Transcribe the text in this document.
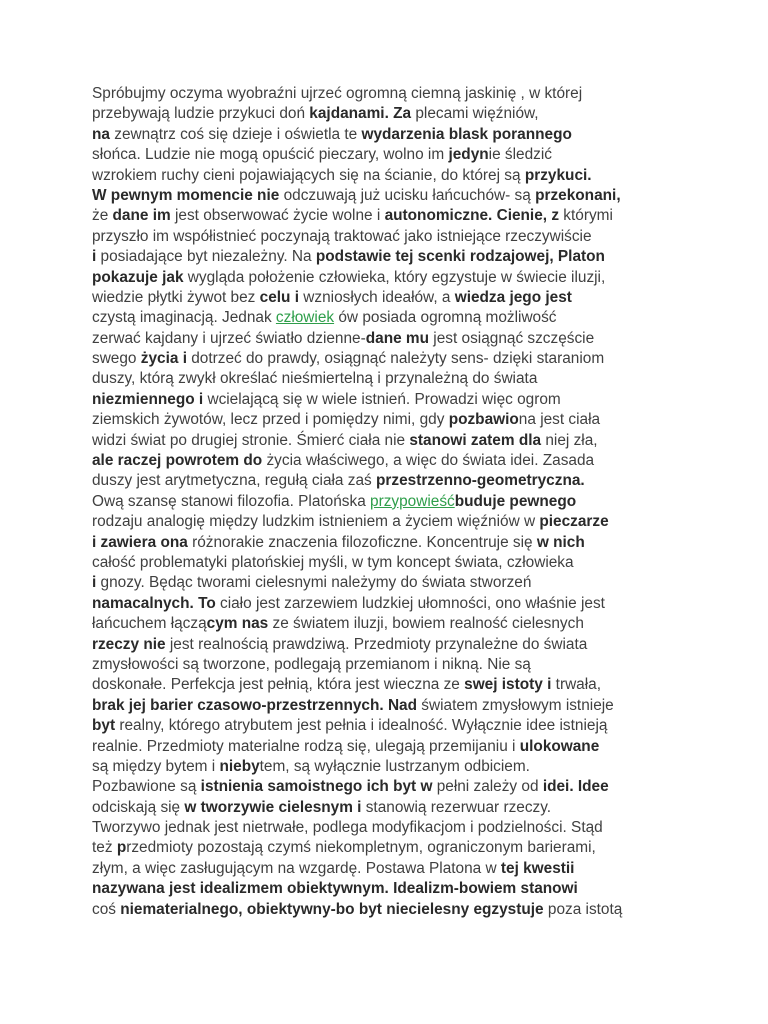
Spróbujmy oczyma wyobraźni ujrzeć ogromną ciemną jaskinię , w której
przebywają ludzie przykuci doń kajdanami. Za plecami więźniów,
na zewnątrz coś się dzieje i oświetla te wydarzenia blask porannego
słońca. Ludzie nie mogą opuścić pieczary, wolno im jedynie śledzić
wzrokiem ruchy cieni pojawiających się na ścianie, do której są przykuci.
W pewnym momencie nie odczuwają już ucisku łańcuchów- są przekonani,
że dane im jest obserwować życie wolne i autonomiczne. Cienie, z którymi
przyszło im współistnieć poczynają traktować jako istniejące rzeczywiście
i posiadające byt niezależny. Na podstawie tej scenki rodzajowej, Platon
pokazuje jak wygląda położenie człowieka, który egzystuje w świecie iluzji,
wiedzie płytki żywot bez celu i wzniosłych ideałów, a wiedza jego jest
czystą imaginacją. Jednak człowiek ów posiada ogromną możliwość
zerwać kajdany i ujrzeć światło dzienne-dane mu jest osiągnąć szczęście
swego życia i dotrzeć do prawdy, osiągnąć należyty sens- dzięki staraniom
duszy, którą zwykł określać nieśmiertelną i przynależną do świata
niezmiennego i wcielającą się w wiele istnień. Prowadzi więc ogrom
ziemskich żywotów, lecz przed i pomiędzy nimi, gdy pozbawiona jest ciała
widzi świat po drugiej stronie. Śmierć ciała nie stanowi zatem dla niej zła,
ale raczej powrotem do życia właściwego, a więc do świata idei. Zasada
duszy jest arytmetyczna, regułą ciała zaś przestrzenno-geometryczna.
Ową szansę stanowi filozofia. Platońska przypowieśćbuduje pewnego
rodzaju analogię między ludzkim istnieniem a życiem więźniów w pieczarze
i zawiera ona różnorakie znaczenia filozoficzne. Koncentruje się w nich
całość problematyki platońskiej myśli, w tym koncept świata, człowieka
i gnozy. Będąc tworami cielesnymi należymy do świata stworzeń
namacalnych. To ciało jest zarzewiem ludzkiej ułomności, ono właśnie jest
łańcuchem łączącym nas ze światem iluzji, bowiem realność cielesnych
rzeczy nie jest realnością prawdziwą. Przedmioty przynależne do świata
zmysłowości są tworzone, podlegają przemianom i nikną. Nie są
doskonałe. Perfekcja jest pełnią, która jest wieczna ze swej istoty i trwała,
brak jej barier czasowo-przestrzennych. Nad światem zmysłowym istnieje
byt realny, którego atrybutem jest pełnia i idealność. Wyłącznie idee istnieją
realnie. Przedmioty materialne rodzą się, ulegają przemijaniu i ulokowane
są między bytem i niebytem, są wyłącznie lustrzanym odbiciem.
Pozbawione są istnienia samoistnego ich byt w pełni zależy od idei. Idee
odciskają się w tworzywie cielesnym i stanowią rezerwuar rzeczy.
Tworzywo jednak jest nietrwałe, podlega modyfikacjom i podzielności. Stąd
też przedmioty pozostają czymś niekompletnym, ograniczonym barierami,
złym, a więc zasługującym na wzgardę. Postawa Platona w tej kwestii
nazywana jest idealizmem obiektywnym. Idealizm-bowiem stanowi
coś niematerialnego, obiektywny-bo byt niecielesny egzystuje poza istotą
